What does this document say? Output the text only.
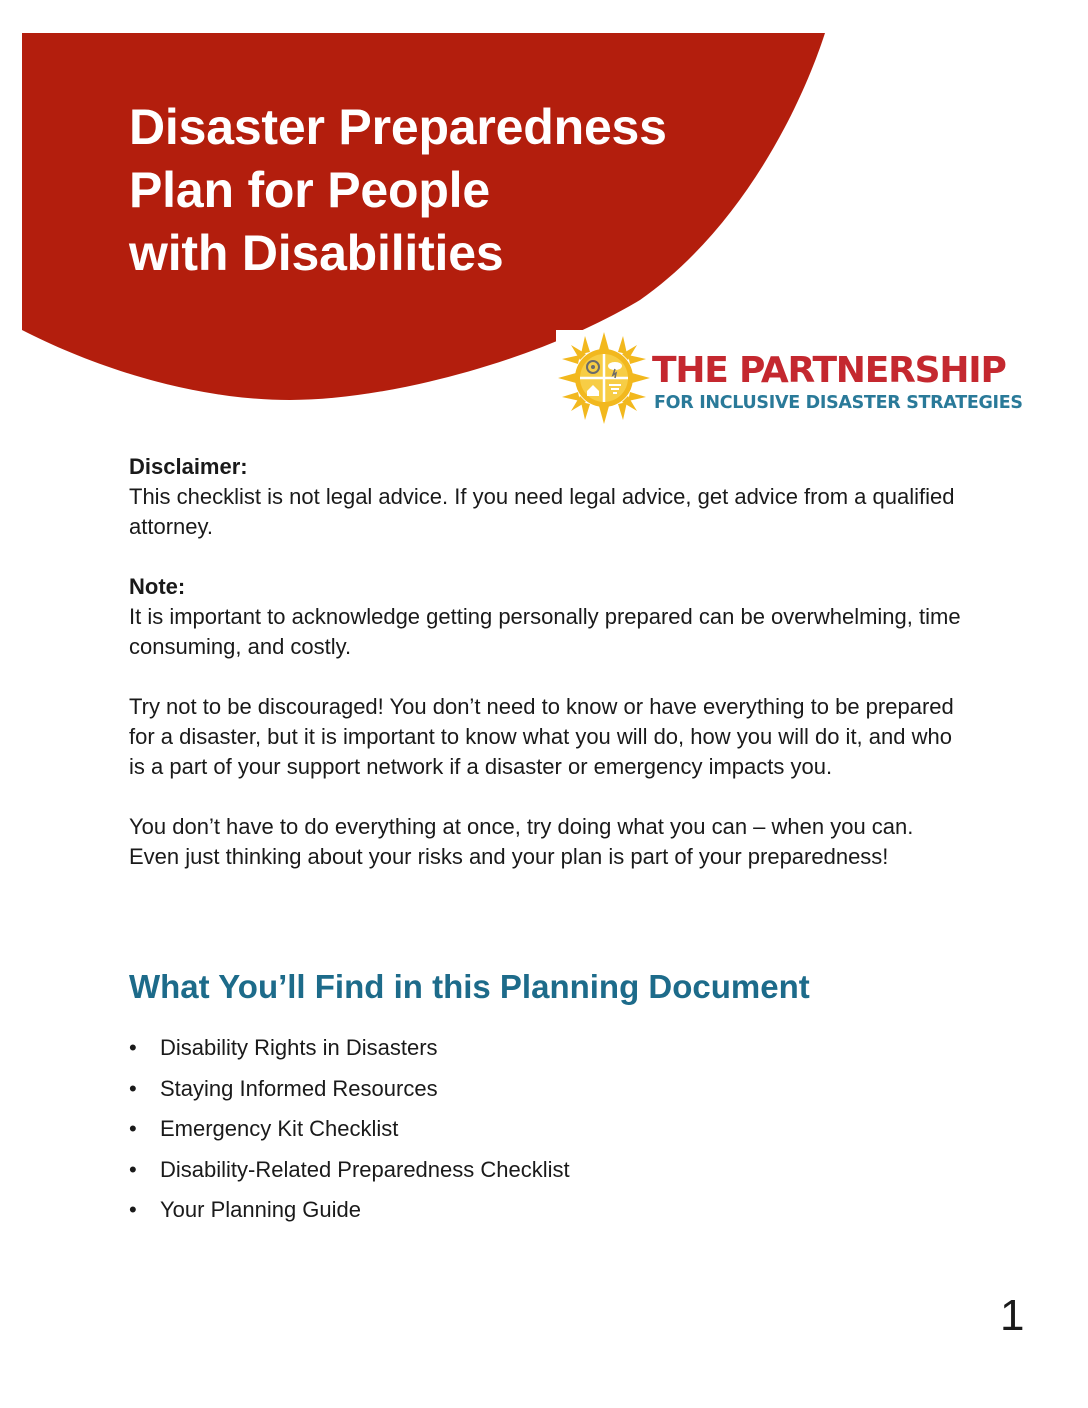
Disaster Preparedness
Plan for People
with Disabilities

THE PARTNERSHIP

FOR INCLUSIVE DISASTER STRATEGIES

Disclaimer:

This checklist is not legal advice. If you need legal advice, get advice from a qualified attorney.

Note:

It is important to acknowledge getting personally prepared can be overwhelming, time consuming, and costly.

Try not to be discouraged! You don’t need to know or have everything to be prepared for a disaster, but it is important to know what you will do, how you will do it, and who is a part of your support network if a disaster or emergency impacts you.

You don’t have to do everything at once, try doing what you can – when you can. Even just thinking about your risks and your plan is part of your preparedness!

What You’ll Find in this Planning Document
•	Disability Rights in Disasters
•	Staying Informed Resources
•	Emergency Kit Checklist
•	Disability-Related Preparedness Checklist
•	Your Planning Guide

1
